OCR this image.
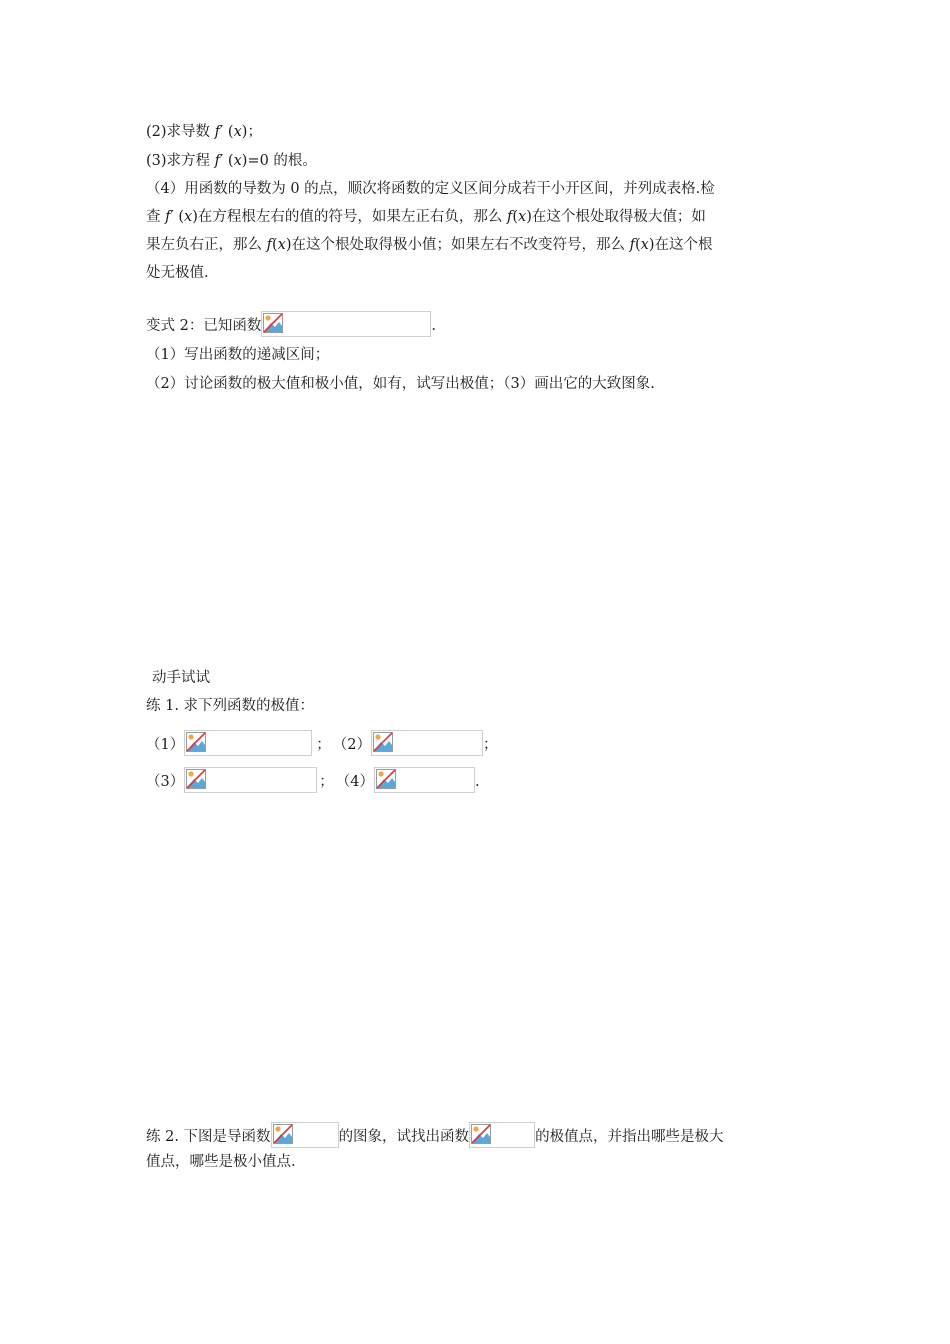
(2)求导数 f′ (x)；
(3)求方程 f′ (x)=0 的根。
（4）用函数的导数为 0 的点，顺次将函数的定义区间分成若干小开区间，并列成表格.检
查 f′ (x)在方程根左右的值的符号，如果左正右负，那么 f(x)在这个根处取得极大值；如
果左负右正，那么 f(x)在这个根处取得极小值；如果左右不改变符号，那么 f(x)在这个根
处无极值.
变式 2：已知函数	.
（1）写出函数的递减区间；
（2）讨论函数的极大值和极小值，如有，试写出极值；（3）画出它的大致图象.
动手试试
练 1. 求下列函数的极值：
（1）	； （2）	；
（3）	； （4）	.
练 2. 下图是导函数	的图象，试找出函数	的极值点，并指出哪些是极大
值点，哪些是极小值点.
